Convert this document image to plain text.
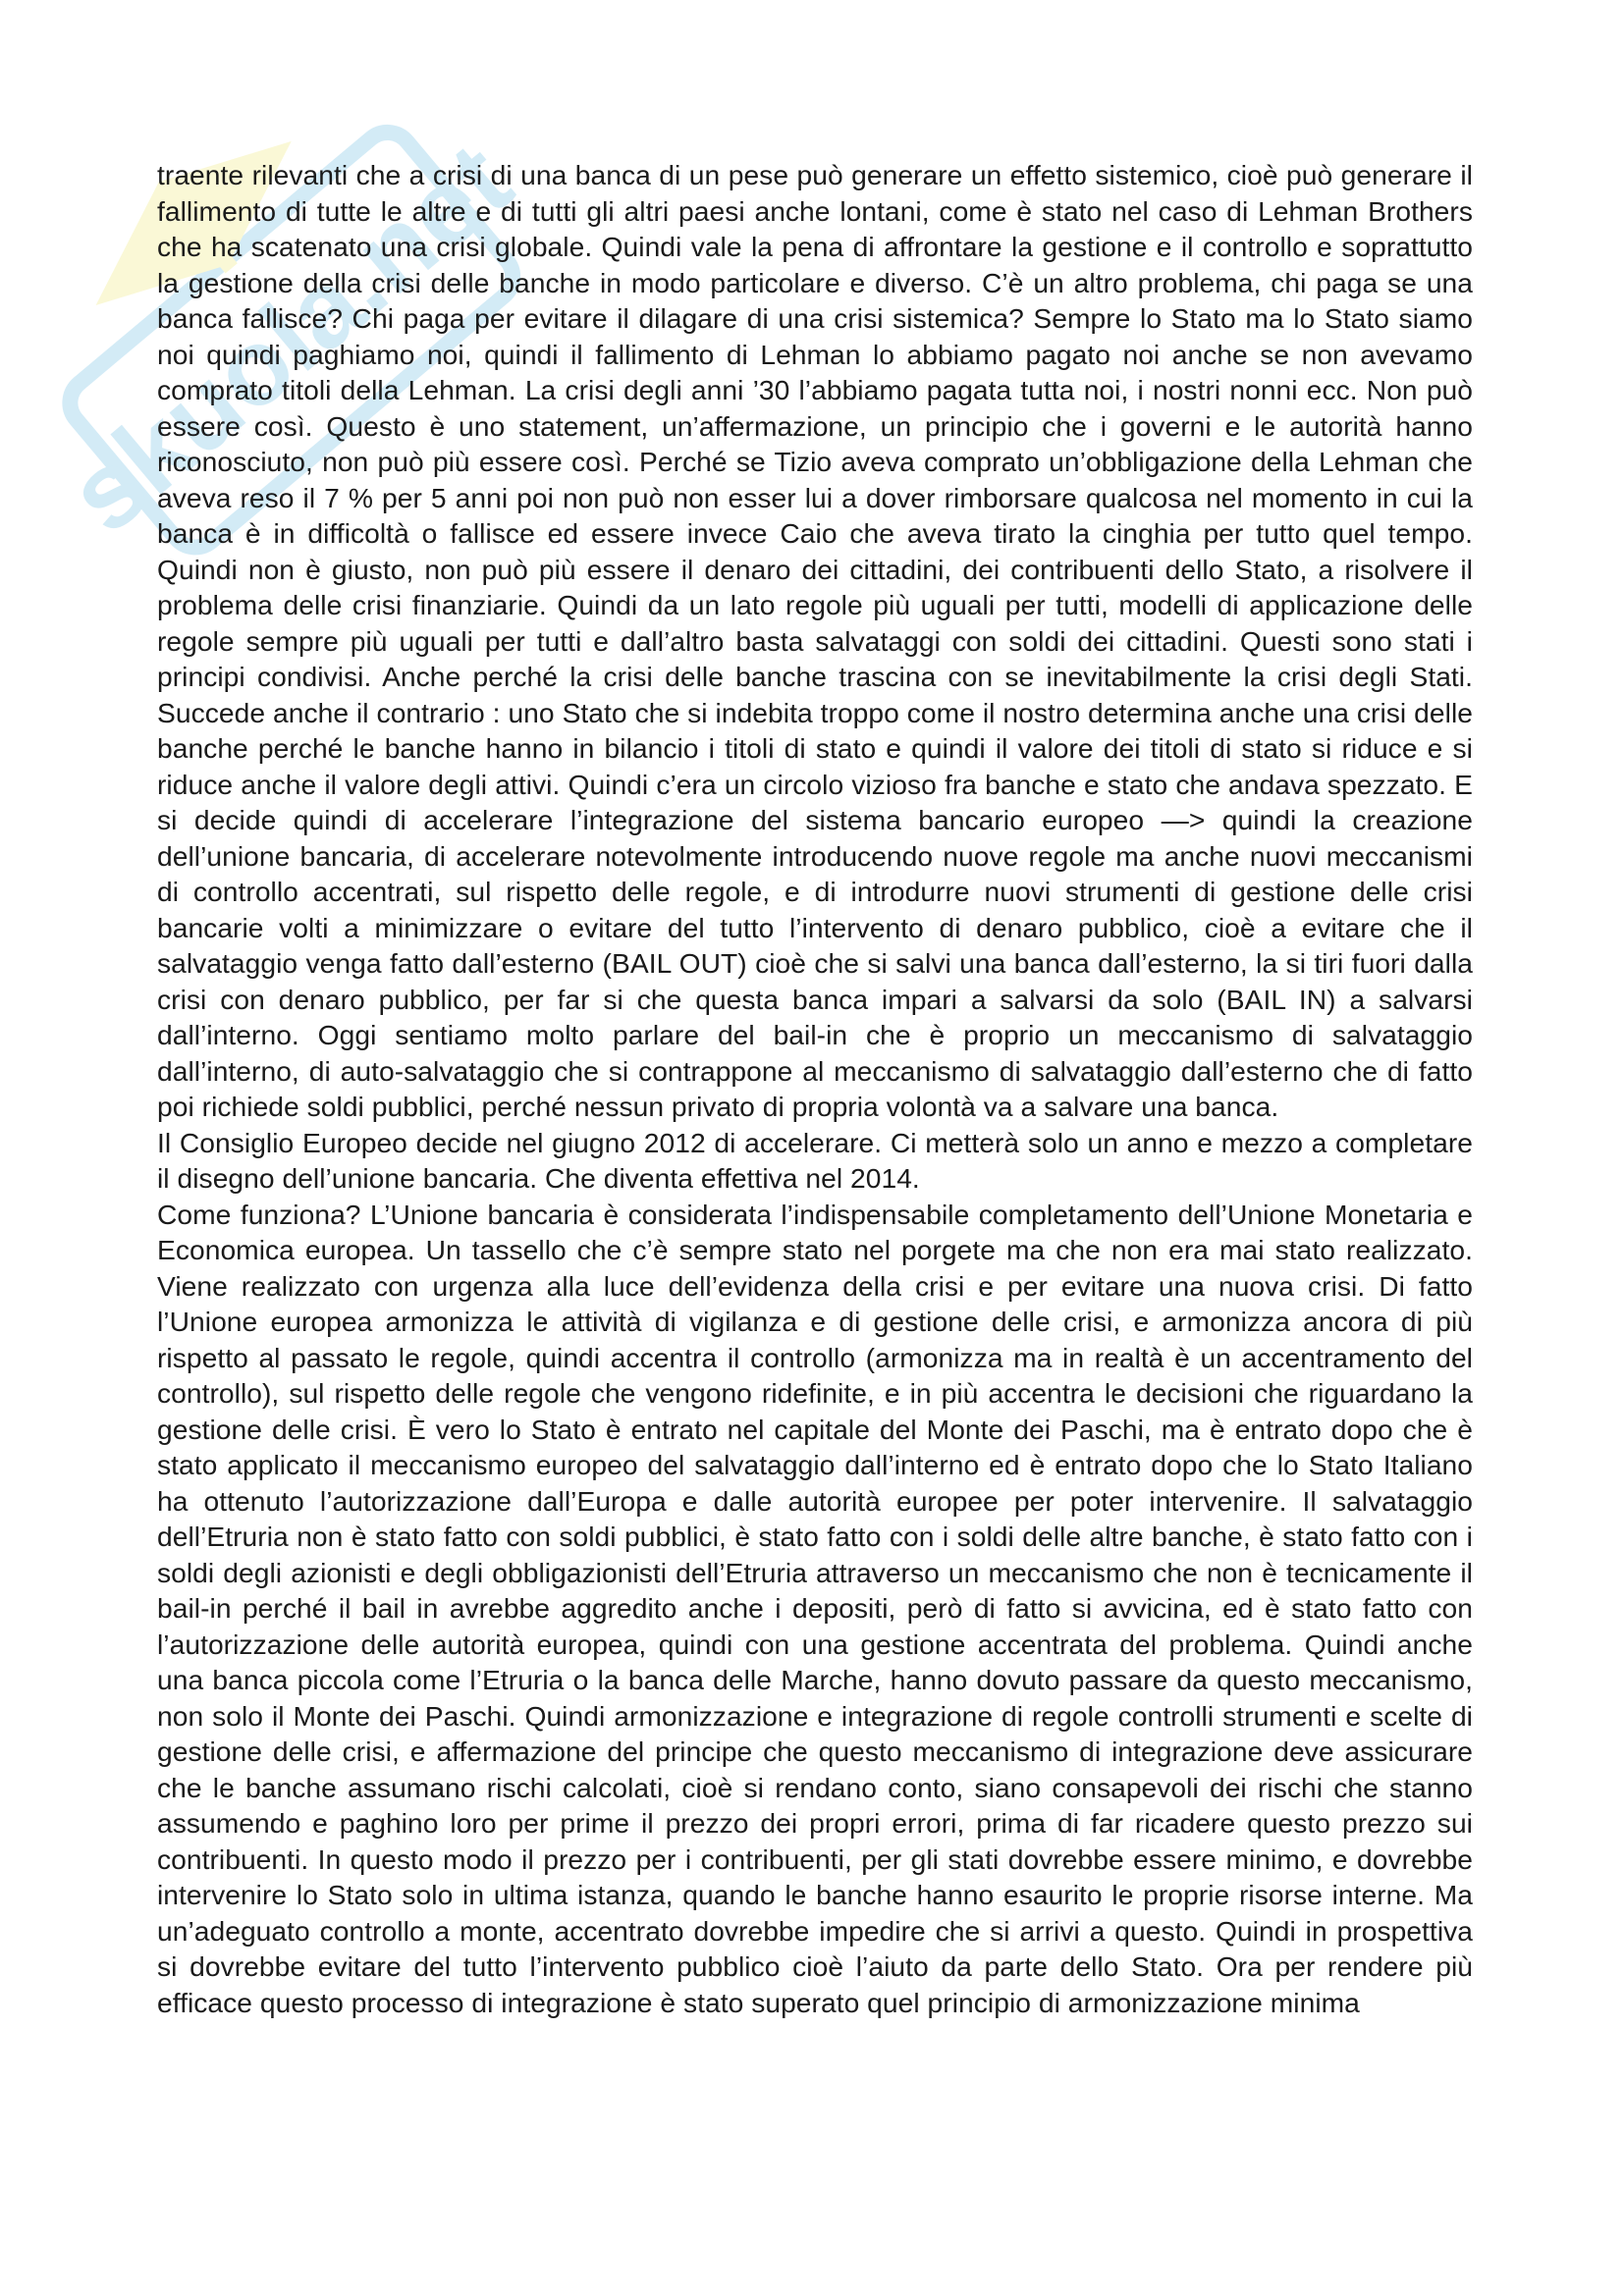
skuola.net

traente rilevanti che a crisi di una banca di un pese può generare un effetto sistemico, cioè può generare il fallimento di tutte le altre e di tutti gli altri paesi anche lontani, come è stato nel caso di Lehman Brothers che ha scatenato una crisi globale. Quindi vale la pena di affrontare la gestione e il controllo e soprattutto la gestione della crisi delle banche in modo particolare e diverso. C’è un altro problema, chi paga se una banca fallisce? Chi paga per evitare il dilagare di una crisi sistemica? Sempre lo Stato ma lo Stato siamo noi quindi paghiamo noi, quindi il fallimento di Lehman lo abbiamo pagato noi anche se non avevamo comprato titoli della Lehman. La crisi degli anni ’30 l’abbiamo pagata tutta noi, i nostri nonni ecc. Non può essere così. Questo è uno statement, un’affermazione, un principio che i governi e le autorità hanno riconosciuto, non può più essere così. Perché se Tizio aveva comprato un’obbligazione della Lehman che aveva reso il 7 % per 5 anni poi non può non esser lui a dover rimborsare qualcosa nel momento in cui la banca è in difficoltà o fallisce ed essere invece Caio che aveva tirato la cinghia per tutto quel tempo. Quindi non è giusto, non può più essere il denaro dei cittadini, dei contribuenti dello Stato, a risolvere il problema delle crisi finanziarie. Quindi da un lato regole più uguali per tutti, modelli di applicazione delle regole sempre più uguali per tutti e dall’altro basta salvataggi con soldi dei cittadini. Questi sono stati i principi condivisi. Anche perché la crisi delle banche trascina con se inevitabilmente la crisi degli Stati. Succede anche il contrario : uno Stato che si indebita troppo come il nostro determina anche una crisi delle banche perché le banche hanno in bilancio i titoli di stato e quindi il valore dei titoli di stato si riduce e si riduce anche il valore degli attivi. Quindi c’era un circolo vizioso fra banche e stato che andava spezzato. E si decide quindi di accelerare l’integrazione del sistema bancario europeo —> quindi la creazione dell’unione bancaria, di accelerare notevolmente introducendo nuove regole ma anche nuovi meccanismi di controllo accentrati, sul rispetto delle regole, e di introdurre nuovi strumenti di gestione delle crisi bancarie volti a minimizzare o evitare del tutto l’intervento di denaro pubblico, cioè a evitare che il salvataggio venga fatto dall’esterno (BAIL OUT) cioè che si salvi una banca dall’esterno, la si tiri fuori dalla crisi con denaro pubblico, per far si che questa banca impari a salvarsi da solo (BAIL IN) a salvarsi dall’interno. Oggi sentiamo molto parlare del bail-in che è proprio un meccanismo di salvataggio dall’interno, di auto-salvataggio che si contrappone al meccanismo di salvataggio dall’esterno che di fatto poi richiede soldi pubblici, perché nessun privato di propria volontà va a salvare una banca.

Il Consiglio Europeo decide nel giugno 2012 di accelerare. Ci metterà solo un anno e mezzo a completare il disegno dell’unione bancaria. Che diventa effettiva nel 2014.

Come funziona? L’Unione bancaria è considerata l’indispensabile completamento dell’Unione Monetaria e Economica europea. Un tassello che c’è sempre stato nel porgete ma che non era mai stato realizzato. Viene realizzato con urgenza alla luce dell’evidenza della crisi e per evitare una nuova crisi. Di fatto l’Unione europea armonizza le attività di vigilanza e di gestione delle crisi, e armonizza ancora di più rispetto al passato le regole, quindi accentra il controllo (armonizza ma in realtà è un accentramento del controllo), sul rispetto delle regole che vengono ridefinite, e in più accentra le decisioni che riguardano la gestione delle crisi. È vero lo Stato è entrato nel capitale del Monte dei Paschi, ma è entrato dopo che è stato applicato il meccanismo europeo del salvataggio dall’interno ed è entrato dopo che lo Stato Italiano ha ottenuto l’autorizzazione dall’Europa e dalle autorità europee per poter intervenire. Il salvataggio dell’Etruria non è stato fatto con soldi pubblici, è stato fatto con i soldi delle altre banche, è stato fatto con i soldi degli azionisti e degli obbligazionisti dell’Etruria attraverso un meccanismo che non è tecnicamente il bail-in perché il bail in avrebbe aggredito anche i depositi, però di fatto si avvicina, ed è stato fatto con l’autorizzazione delle autorità europea, quindi con una gestione accentrata del problema. Quindi anche una banca piccola come l’Etruria o la banca delle Marche, hanno dovuto passare da questo meccanismo, non solo il Monte dei Paschi. Quindi armonizzazione e integrazione di regole controlli strumenti e scelte di gestione delle crisi, e affermazione del principe che questo meccanismo di integrazione deve assicurare che le banche assumano rischi calcolati, cioè si rendano conto, siano consapevoli dei rischi che stanno assumendo e paghino loro per prime il prezzo dei propri errori, prima di far ricadere questo prezzo sui contribuenti. In questo modo il prezzo per i contribuenti, per gli stati dovrebbe essere minimo, e dovrebbe intervenire lo Stato solo in ultima istanza, quando le banche hanno esaurito le proprie risorse interne. Ma un’adeguato controllo a monte, accentrato dovrebbe impedire che si arrivi a questo. Quindi in prospettiva si dovrebbe evitare del tutto l’intervento pubblico cioè l’aiuto da parte dello Stato. Ora per rendere più efficace questo processo di integrazione è stato superato quel principio di armonizzazione minima
